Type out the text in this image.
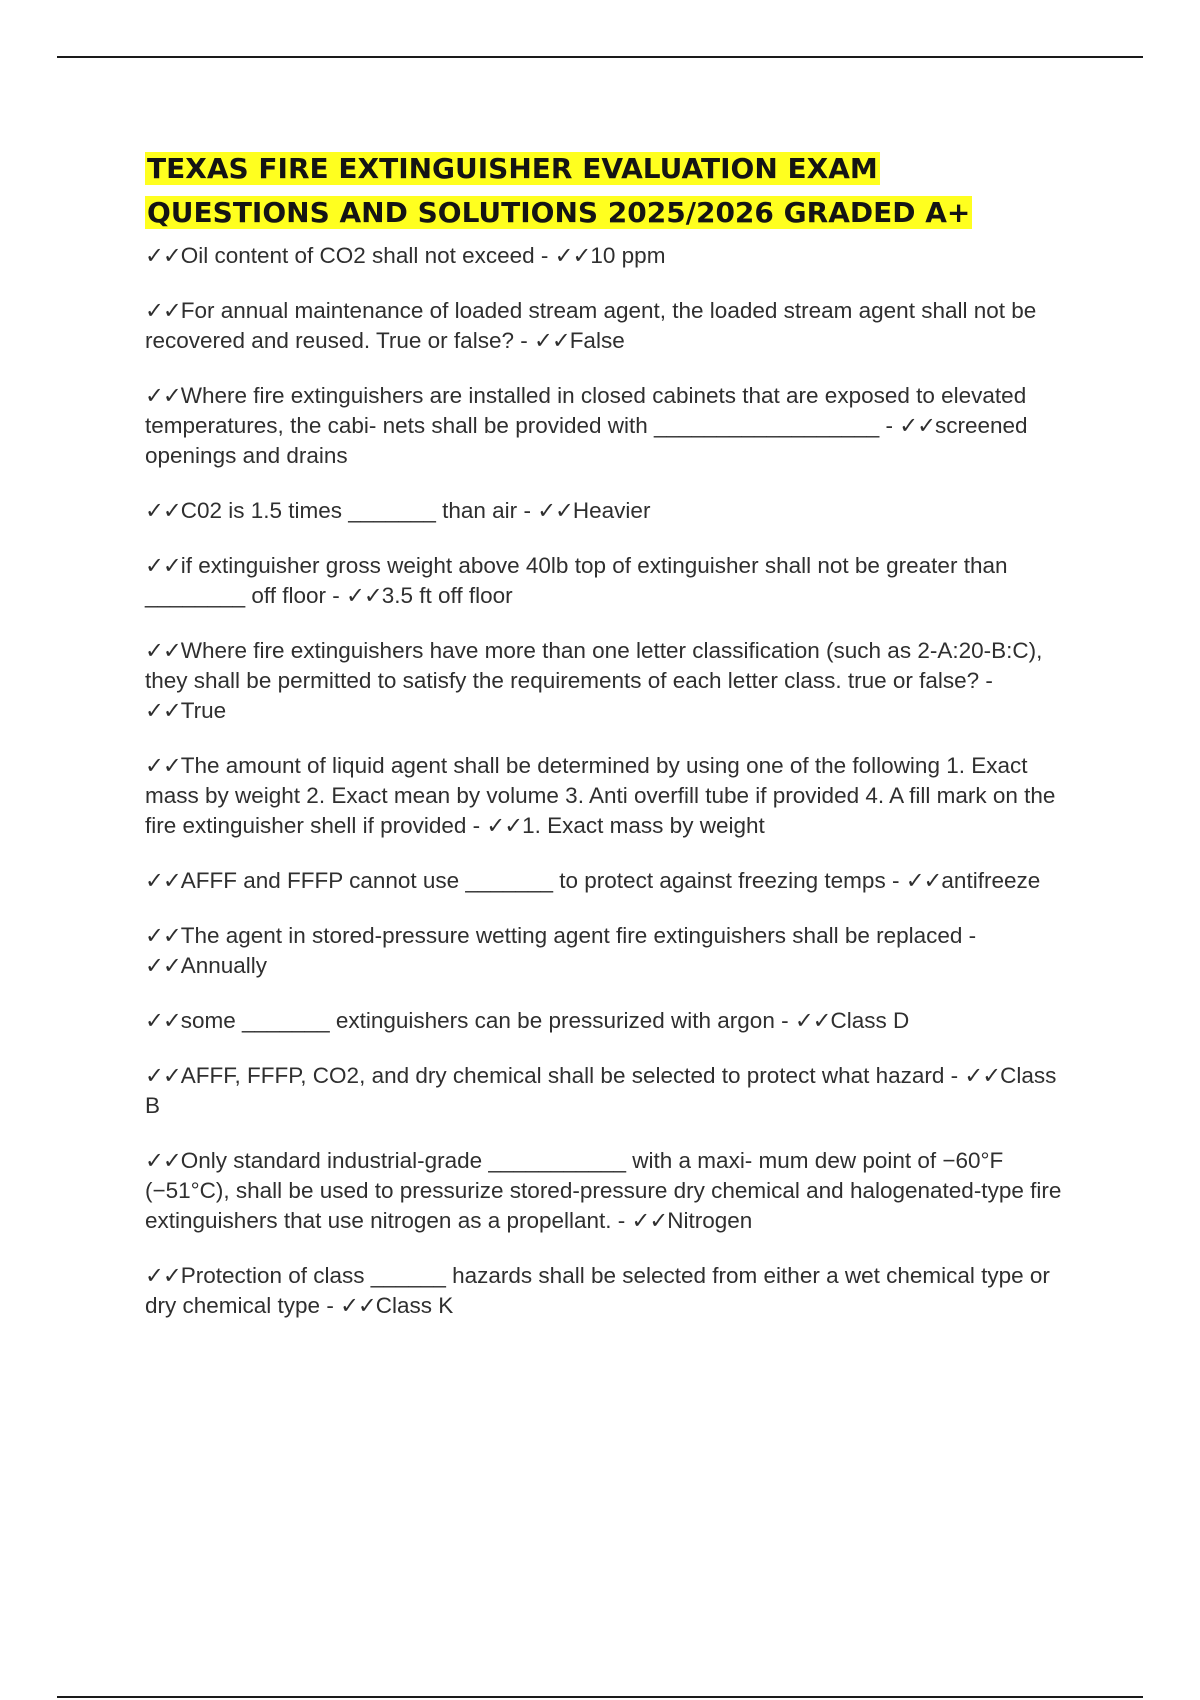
TEXAS FIRE EXTINGUISHER EVALUATION EXAM
QUESTIONS AND SOLUTIONS 2025/2026 GRADED A+

✓✓Oil content of CO2 shall not exceed - ✓✓10 ppm

✓✓For annual maintenance of loaded stream agent, the loaded stream agent shall not be recovered and reused. True or false? - ✓✓False

✓✓Where fire extinguishers are installed in closed cabinets that are exposed to elevated temperatures, the cabi- nets shall be provided with __________________ - ✓✓screened openings and drains

✓✓C02 is 1.5 times _______ than air - ✓✓Heavier

✓✓if extinguisher gross weight above 40lb top of extinguisher shall not be greater than ________ off floor - ✓✓3.5 ft off floor

✓✓Where fire extinguishers have more than one letter classification (such as 2-A:20-B:C), they shall be permitted to satisfy the requirements of each letter class. true or false? - ✓✓True

✓✓The amount of liquid agent shall be determined by using one of the following 1. Exact mass by weight 2. Exact mean by volume 3. Anti overfill tube if provided 4. A fill mark on the fire extinguisher shell if provided - ✓✓1. Exact mass by weight

✓✓AFFF and FFFP cannot use _______ to protect against freezing temps - ✓✓antifreeze

✓✓The agent in stored-pressure wetting agent fire extinguishers shall be replaced - ✓✓Annually

✓✓some _______ extinguishers can be pressurized with argon - ✓✓Class D

✓✓AFFF, FFFP, CO2, and dry chemical shall be selected to protect what hazard - ✓✓Class B

✓✓Only standard industrial-grade ___________ with a maxi- mum dew point of −60°F (−51°C), shall be used to pressurize stored-pressure dry chemical and halogenated-type fire extinguishers that use nitrogen as a propellant. - ✓✓Nitrogen

✓✓Protection of class ______ hazards shall be selected from either a wet chemical type or dry chemical type - ✓✓Class K
